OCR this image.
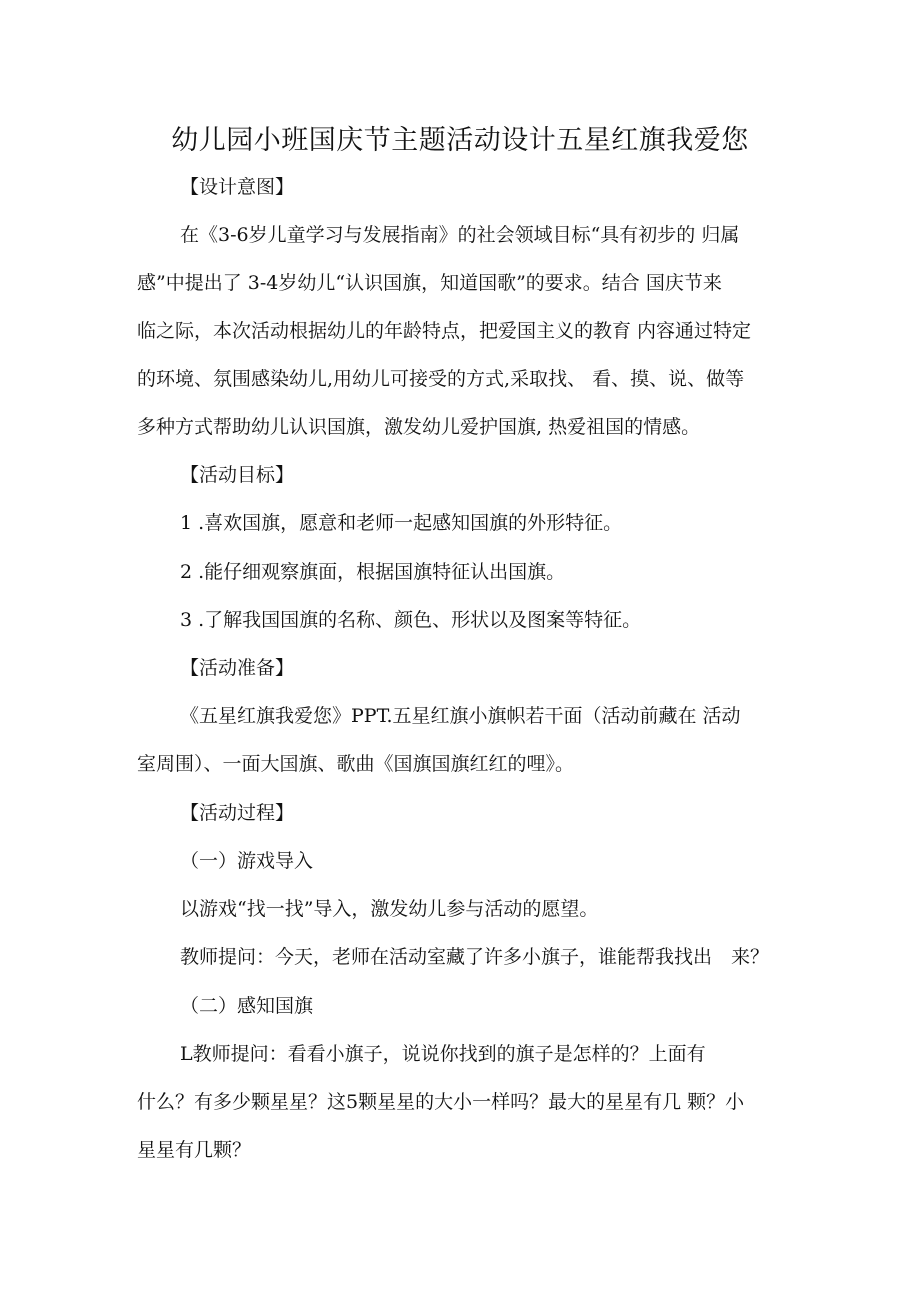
幼儿园小班国庆节主题活动设计五星红旗我爱您
【设计意图】
在《3-6岁儿童学习与发展指南》的社会领域目标“具有初步的 归属
感”中提出了 3-4岁幼儿“认识国旗，知道国歌”的要求。结合 国庆节来
临之际，本次活动根据幼儿的年龄特点，把爱国主义的教育 内容通过特定
的环境、氛围感染幼儿,用幼儿可接受的方式,采取找、 看、摸、说、做等
多种方式帮助幼儿认识国旗，激发幼儿爱护国旗, 热爱祖国的情感。
【活动目标】
1 .喜欢国旗，愿意和老师一起感知国旗的外形特征。
2 .能仔细观察旗面，根据国旗特征认出国旗。
3 .了解我国国旗的名称、颜色、形状以及图案等特征。
【活动准备】
《五星红旗我爱您》PPT.五星红旗小旗帜若干面（活动前藏在 活动
室周围）、一面大国旗、歌曲《国旗国旗红红的哩》。
【活动过程】
（一）游戏导入
以游戏“找一找”导入，激发幼儿参与活动的愿望。
教师提问：今天，老师在活动室藏了许多小旗子，谁能帮我找出　来？
（二）感知国旗
L教师提问：看看小旗子，说说你找到的旗子是怎样的？上面有
什么？有多少颗星星？这5颗星星的大小一样吗？最大的星星有几 颗？小
星星有几颗？
